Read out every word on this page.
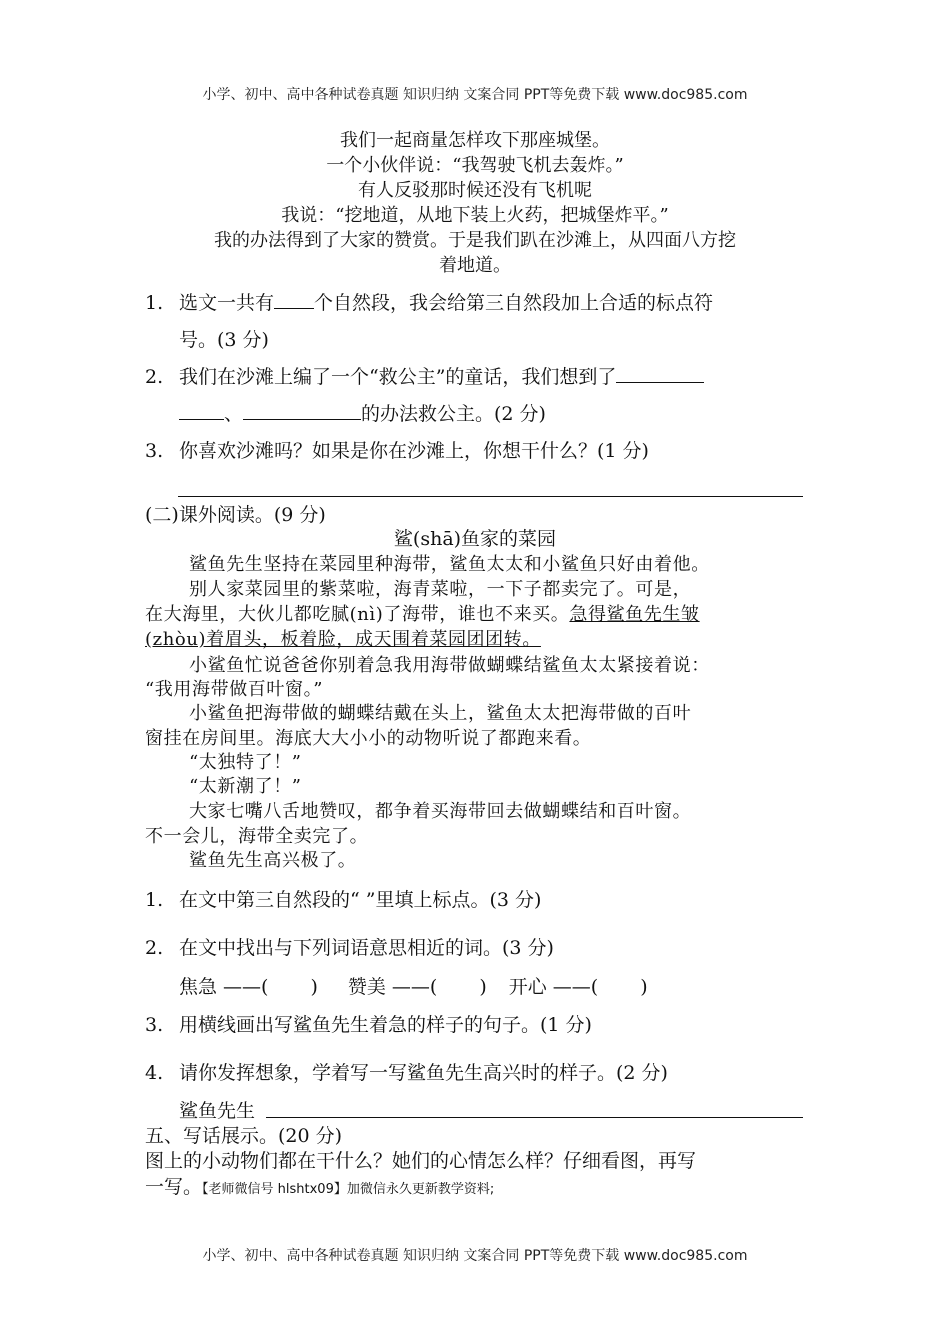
小学、初中、高中各种试卷真题 知识归纳 文案合同 PPT等免费下载 www.doc985.com
我们一起商量怎样攻下那座城堡。
一个小伙伴说：“我驾驶飞机去轰炸。”
有人反驳那时候还没有飞机呢
我说：“挖地道，从地下装上火药，把城堡炸平。”
我的办法得到了大家的赞赏。于是我们趴在沙滩上，从四面八方挖
着地道。
1. 选文一共有 个自然段，我会给第三自然段加上合适的标点符
号。(3 分)
2. 我们在沙滩上编了一个“救公主”的童话，我们想到了
、	的办法救公主。(2 分)
3. 你喜欢沙滩吗？如果是你在沙滩上，你想干什么？(1 分)
(二)课外阅读。(9 分)
鲨(shā)鱼家的菜园
鲨鱼先生坚持在菜园里种海带，鲨鱼太太和小鲨鱼只好由着他。
别人家菜园里的紫菜啦，海青菜啦，一下子都卖完了。可是，
在大海里，大伙儿都吃腻(nì)了海带，谁也不来买。急得鲨鱼先生皱
(zhòu)着眉头，板着脸，成天围着菜园团团转。
小鲨鱼忙说爸爸你别着急我用海带做蝴蝶结鲨鱼太太紧接着说：
“我用海带做百叶窗。”
小鲨鱼把海带做的蝴蝶结戴在头上，鲨鱼太太把海带做的百叶
窗挂在房间里。海底大大小小的动物听说了都跑来看。
“太独特了！”
“太新潮了！”
大家七嘴八舌地赞叹，都争着买海带回去做蝴蝶结和百叶窗。
不一会儿，海带全卖完了。
鲨鱼先生高兴极了。
1. 在文中第三自然段的“ ”里填上标点。(3 分)
2. 在文中找出与下列词语意思相近的词。(3 分)
焦急 ——( ) 赞美 ——( ) 开心 ——( )
3. 用横线画出写鲨鱼先生着急的样子的句子。(1 分)
4. 请你发挥想象，学着写一写鲨鱼先生高兴时的样子。(2 分)
鲨鱼先生
五、写话展示。(20 分)
图上的小动物们都在干什么？她们的心情怎么样？仔细看图，再写
一写。【老师微信号 hlshtx09】加微信永久更新教学资料;
小学、初中、高中各种试卷真题 知识归纳 文案合同 PPT等免费下载 www.doc985.com
